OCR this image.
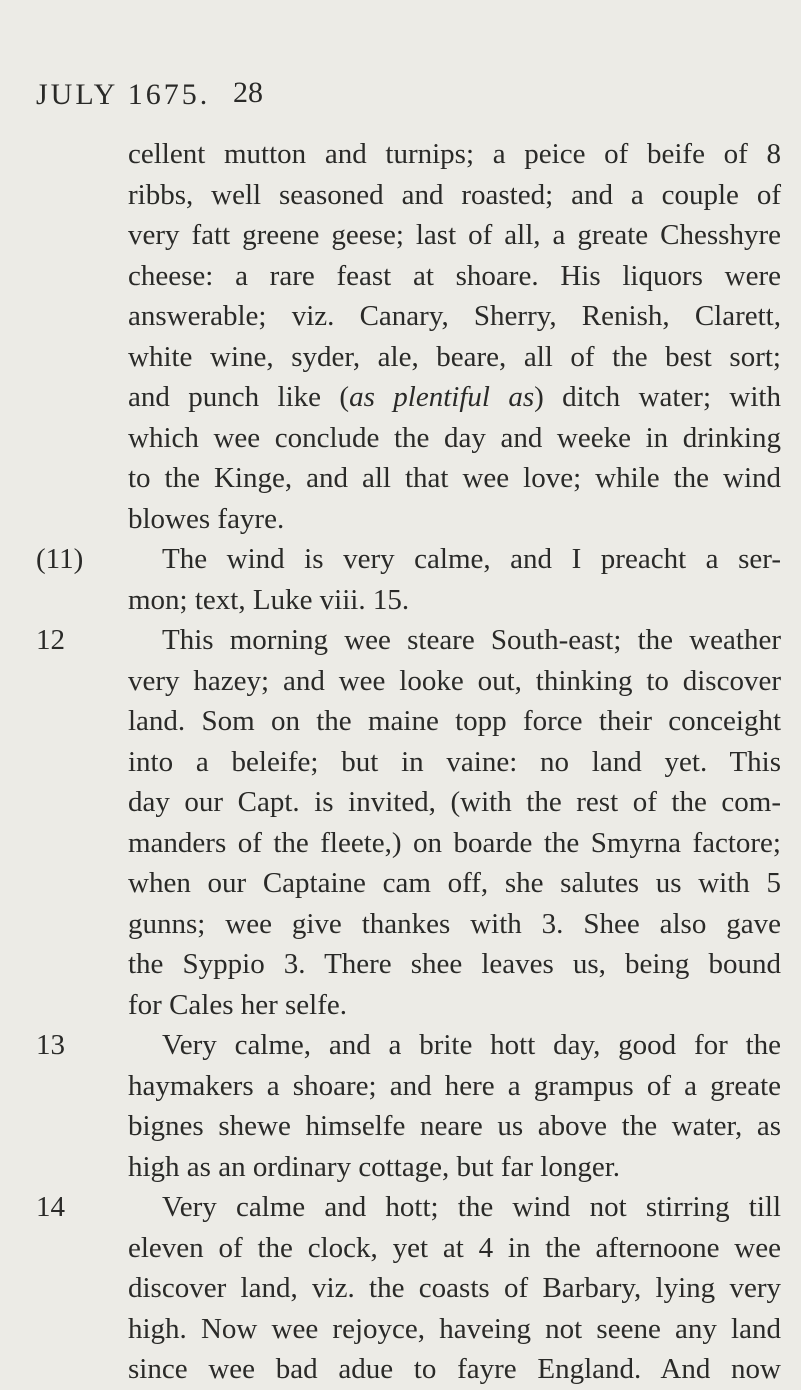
JULY 1675. 28

cellent mutton and turnips; a peice of beife of 8
ribbs, well seasoned and roasted; and a couple of
very fatt greene geese; last of all, a greate Chesshyre
cheese: a rare feast at shoare. His liquors were
answerable; viz. Canary, Sherry, Renish, Clarett,
white wine, syder, ale, beare, all of the best sort;
and punch like (as plentiful as) ditch water; with
which wee conclude the day and weeke in drinking
to the Kinge, and all that wee love; while the wind
blowes fayre.

(11)	The wind is very calme, and I preacht a ser-
mon; text, Luke viii. 15.

12	This morning wee steare South-east; the weather
very hazey; and wee looke out, thinking to discover
land. Som on the maine topp force their conceight
into a beleife; but in vaine: no land yet. This
day our Capt. is invited, (with the rest of the com-
manders of the fleete,) on boarde the Smyrna factore;
when our Captaine cam off, she salutes us with 5
gunns; wee give thankes with 3. Shee also gave
the Syppio 3. There shee leaves us, being bound
for Cales her selfe.

13	Very calme, and a brite hott day, good for the
haymakers a shoare; and here a grampus of a greate
bignes shewe himselfe neare us above the water, as
high as an ordinary cottage, but far longer.

14	Very calme and hott; the wind not stirring till
eleven of the clock, yet at 4 in the afternoone wee
discover land, viz. the coasts of Barbary, lying very
high. Now wee rejoyce, haveing not seene any land
since wee bad adue to fayre England. And now
